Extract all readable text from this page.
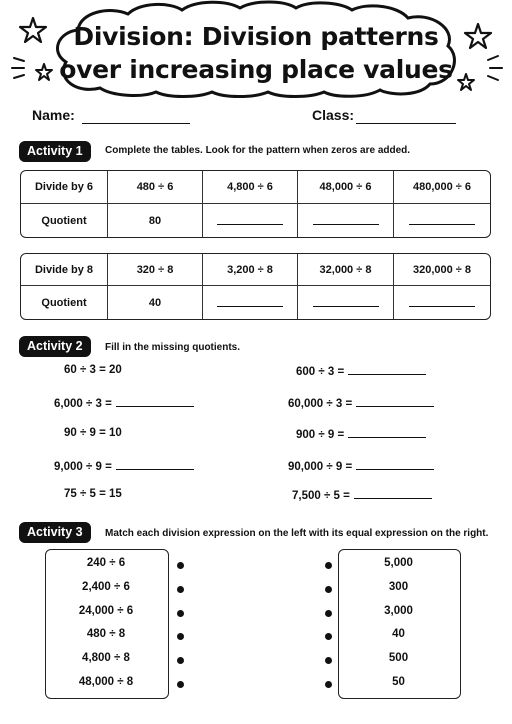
Division: Division patterns
over increasing place values
Name:	Class:
Activity 1	Complete the tables. Look for the pattern when zeros are added.
Divide by 6	480 ÷ 6	4,800 ÷ 6	48,000 ÷ 6	480,000 ÷ 6
Quotient	80			
Divide by 8	320 ÷ 8	3,200 ÷ 8	32,000 ÷ 8	320,000 ÷ 8
Quotient	40			
Activity 2	Fill in the missing quotients.
60 ÷ 3 = 20
6,000 ÷ 3 =
90 ÷ 9 = 10
9,000 ÷ 9 =
75 ÷ 5 = 15
600 ÷ 3 =
60,000 ÷ 3 =
900 ÷ 9 =
90,000 ÷ 9 =
7,500 ÷ 5 =
Activity 3	Match each division expression on the left with its equal expression on the right.
240 ÷ 6
2,400 ÷ 6
24,000 ÷ 6
480 ÷ 8
4,800 ÷ 8
48,000 ÷ 8
5,000
300
3,000
40
500
50
